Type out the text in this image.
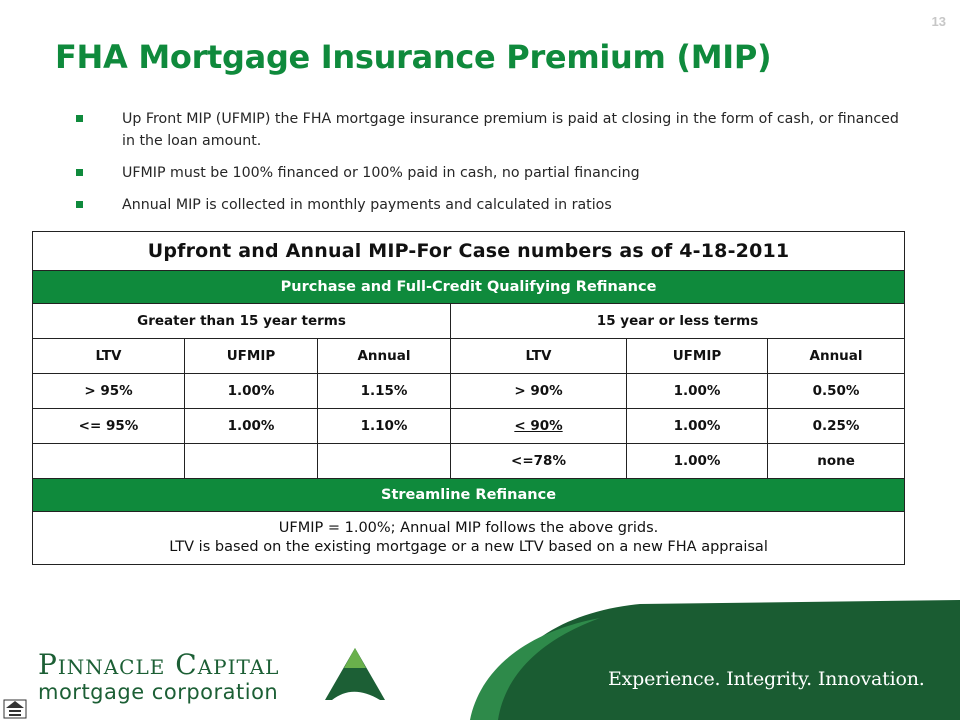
13
FHA Mortgage Insurance Premium (MIP)
Up Front MIP (UFMIP) the FHA mortgage insurance premium is paid at closing in the form of cash, or financed in the loan amount.
UFMIP must be 100% financed or 100% paid in cash, no partial financing
Annual MIP is collected in monthly payments and calculated in ratios
Upfront and Annual MIP-For Case numbers as of 4-18-2011					
Purchase and Full-Credit Qualifying Refinance					
Greater than 15 year terms			15 year or less terms		
LTV	UFMIP	Annual	LTV	UFMIP	Annual
> 95%	1.00%	1.15%	> 90%	1.00%	0.50%
<= 95%	1.00%	1.10%	< 90%	1.00%	0.25%
			<=78%	1.00%	none
Streamline Refinance					

UFMIP = 1.00%; Annual MIP follows the above grids.
LTV is based on the existing mortgage or a new LTV based on a new FHA appraisal					
Pinnacle Capital
mortgage corporation
Experience. Integrity. Innovation.
